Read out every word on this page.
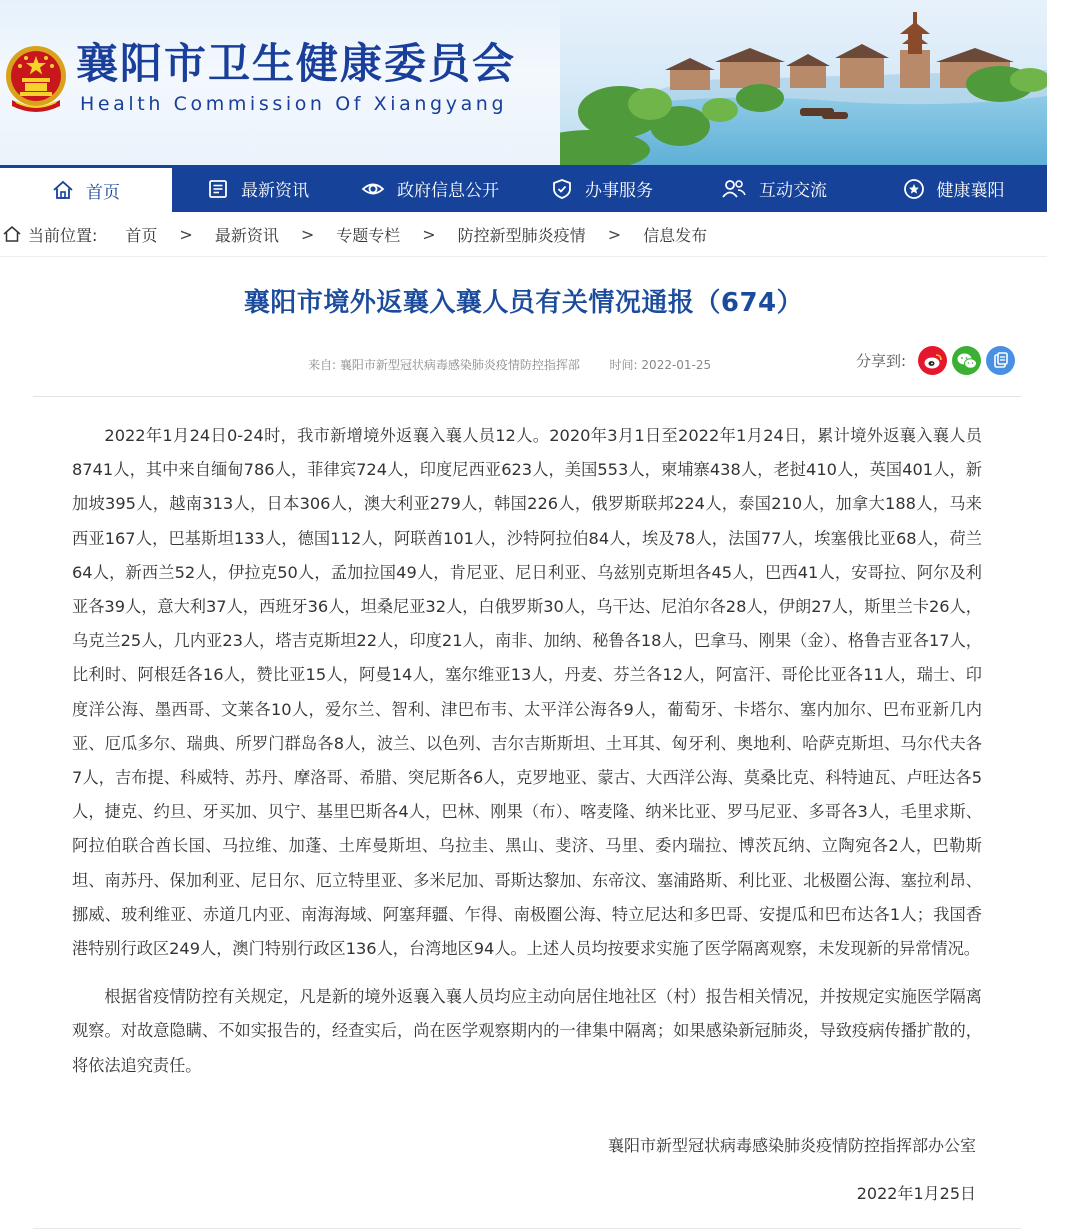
襄阳市卫生健康委员会
Health Commission Of Xiangyang
首页	最新资讯	政府信息公开	办事服务	互动交流	健康襄阳
当前位置: 首页 > 最新资讯 > 专题专栏 > 防控新型肺炎疫情 > 信息发布
襄阳市境外返襄入襄人员有关情况通报（674）
来自: 襄阳市新型冠状病毒感染肺炎疫情防控指挥部 时间: 2022-01-25	分享到:

2022年1月24日0-24时，我市新增境外返襄入襄人员12人。2020年3月1日至2022年1月24日，累计境外返襄入襄人员8741人，其中来自缅甸786人，菲律宾724人，印度尼西亚623人，美国553人，柬埔寨438人，老挝410人，英国401人，新加坡395人，越南313人，日本306人，澳大利亚279人，韩国226人，俄罗斯联邦224人，泰国210人，加拿大188人，马来西亚167人，巴基斯坦133人，德国112人，阿联酋101人，沙特阿拉伯84人，埃及78人，法国77人，埃塞俄比亚68人，荷兰64人，新西兰52人，伊拉克50人，孟加拉国49人，肯尼亚、尼日利亚、乌兹别克斯坦各45人，巴西41人，安哥拉、阿尔及利亚各39人，意大利37人，西班牙36人，坦桑尼亚32人，白俄罗斯30人，乌干达、尼泊尔各28人，伊朗27人，斯里兰卡26人，乌克兰25人，几内亚23人，塔吉克斯坦22人，印度21人，南非、加纳、秘鲁各18人，巴拿马、刚果（金）、格鲁吉亚各17人，比利时、阿根廷各16人，赞比亚15人，阿曼14人，塞尔维亚13人，丹麦、芬兰各12人，阿富汗、哥伦比亚各11人，瑞士、印度洋公海、墨西哥、文莱各10人，爱尔兰、智利、津巴布韦、太平洋公海各9人，葡萄牙、卡塔尔、塞内加尔、巴布亚新几内亚、厄瓜多尔、瑞典、所罗门群岛各8人，波兰、以色列、吉尔吉斯斯坦、土耳其、匈牙利、奥地利、哈萨克斯坦、马尔代夫各7人，吉布提、科威特、苏丹、摩洛哥、希腊、突尼斯各6人，克罗地亚、蒙古、大西洋公海、莫桑比克、科特迪瓦、卢旺达各5人，捷克、约旦、牙买加、贝宁、基里巴斯各4人，巴林、刚果（布）、喀麦隆、纳米比亚、罗马尼亚、多哥各3人，毛里求斯、阿拉伯联合酋长国、马拉维、加蓬、土库曼斯坦、乌拉圭、黑山、斐济、马里、委内瑞拉、博茨瓦纳、立陶宛各2人，巴勒斯坦、南苏丹、保加利亚、尼日尔、厄立特里亚、多米尼加、哥斯达黎加、东帝汶、塞浦路斯、利比亚、北极圈公海、塞拉利昂、挪威、玻利维亚、赤道几内亚、南海海域、阿塞拜疆、乍得、南极圈公海、特立尼达和多巴哥、安提瓜和巴布达各1人；我国香港特别行政区249人，澳门特别行政区136人，台湾地区94人。上述人员均按要求实施了医学隔离观察，未发现新的异常情况。

根据省疫情防控有关规定，凡是新的境外返襄入襄人员均应主动向居住地社区（村）报告相关情况，并按规定实施医学隔离观察。对故意隐瞒、不如实报告的，经查实后，尚在医学观察期内的一律集中隔离；如果感染新冠肺炎，导致疫病传播扩散的，将依法追究责任。

襄阳市新型冠状病毒感染肺炎疫情防控指挥部办公室
2022年1月25日
